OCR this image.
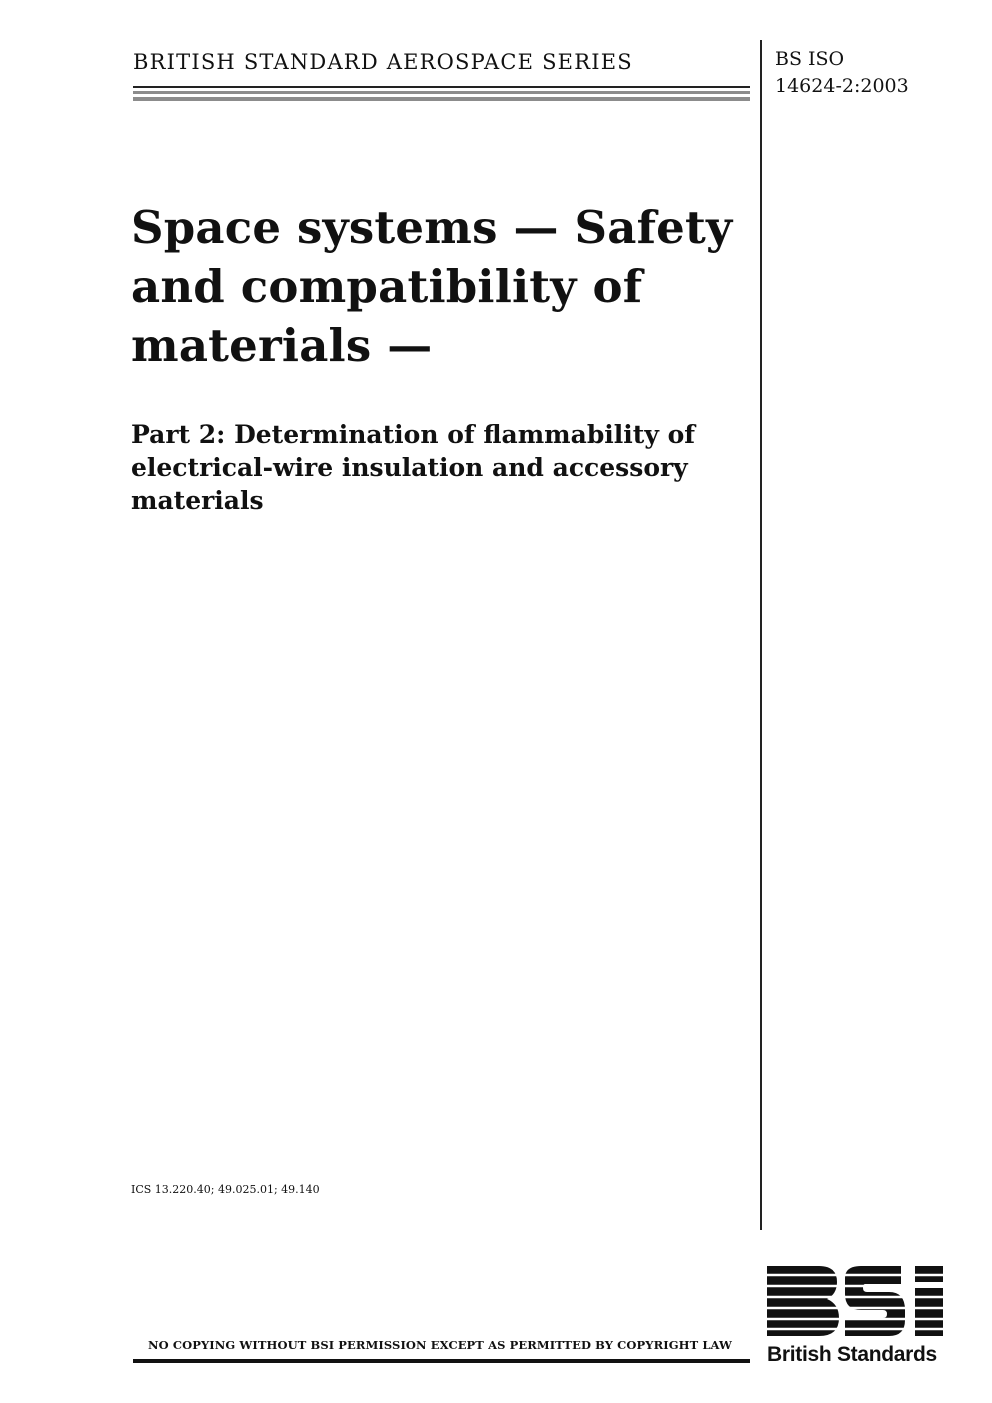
BRITISH STANDARD AEROSPACE SERIES	BS ISO
14624-2:2003
Space systems — Safety
and compatibility of
materials —
Part 2: Determination of flammability of
electrical-wire insulation and accessory
materials
ICS 13.220.40; 49.025.01; 49.140
NO COPYING WITHOUT BSI PERMISSION EXCEPT AS PERMITTED BY COPYRIGHT LAW British Standards
